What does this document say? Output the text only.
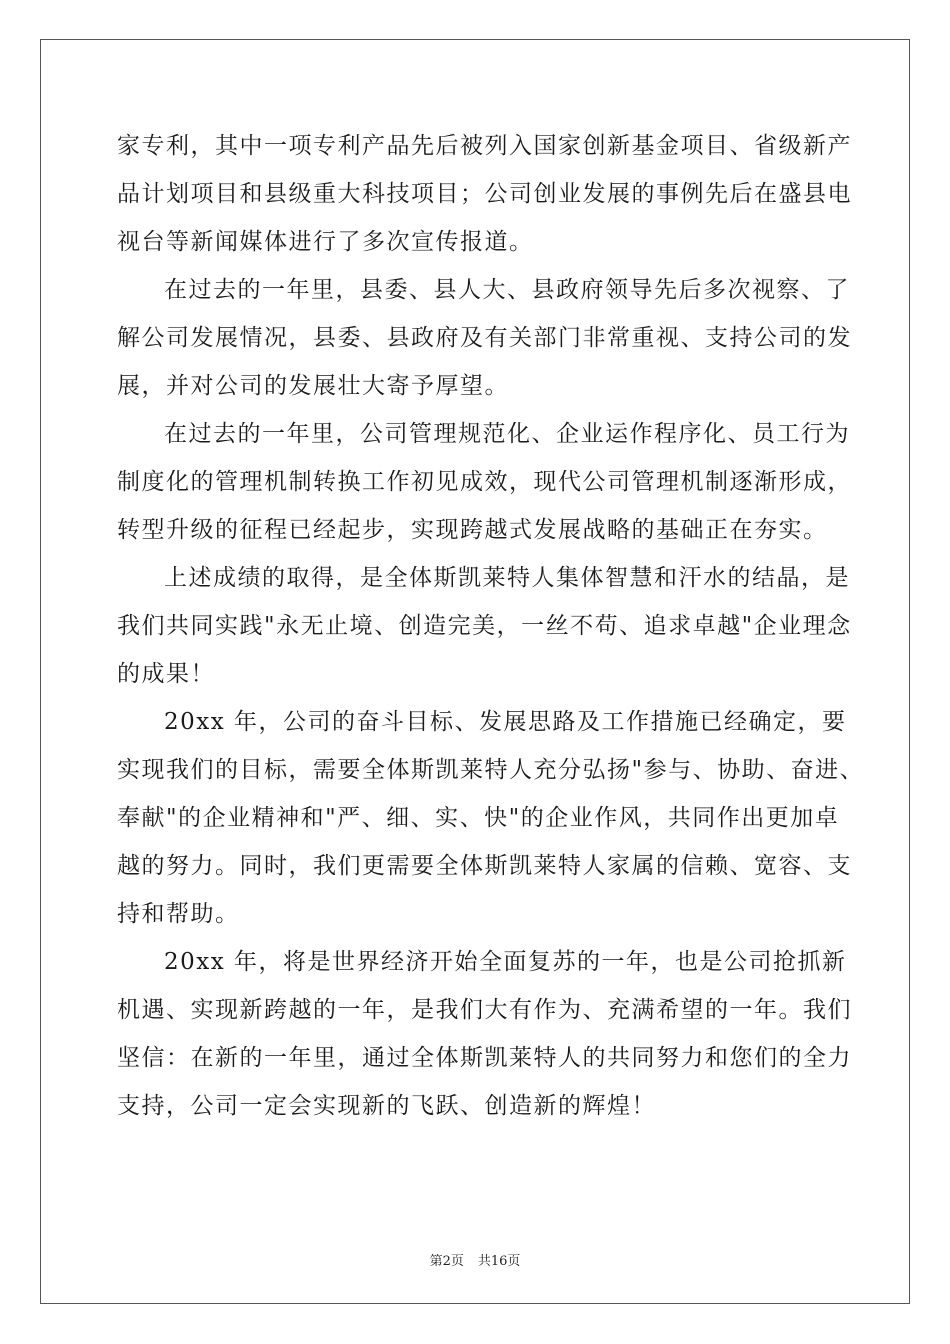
家专利，其中一项专利产品先后被列入国家创新基金项目、省级新产
品计划项目和县级重大科技项目；公司创业发展的事例先后在盛县电
视台等新闻媒体进行了多次宣传报道。
在过去的一年里，县委、县人大、县政府领导先后多次视察、了
解公司发展情况，县委、县政府及有关部门非常重视、支持公司的发
展，并对公司的发展壮大寄予厚望。
在过去的一年里，公司管理规范化、企业运作程序化、员工行为
制度化的管理机制转换工作初见成效，现代公司管理机制逐渐形成，
转型升级的征程已经起步，实现跨越式发展战略的基础正在夯实。
上述成绩的取得，是全体斯凯莱特人集体智慧和汗水的结晶，是
我们共同实践"永无止境、创造完美，一丝不苟、追求卓越"企业理念
的成果！
20xx 年，公司的奋斗目标、发展思路及工作措施已经确定，要
实现我们的目标，需要全体斯凯莱特人充分弘扬"参与、协助、奋进、
奉献"的企业精神和"严、细、实、快"的企业作风，共同作出更加卓
越的努力。同时，我们更需要全体斯凯莱特人家属的信赖、宽容、支
持和帮助。
20xx 年，将是世界经济开始全面复苏的一年，也是公司抢抓新
机遇、实现新跨越的一年，是我们大有作为、充满希望的一年。我们
坚信：在新的一年里，通过全体斯凯莱特人的共同努力和您们的全力
支持，公司一定会实现新的飞跃、创造新的辉煌！
第2页 共16页
